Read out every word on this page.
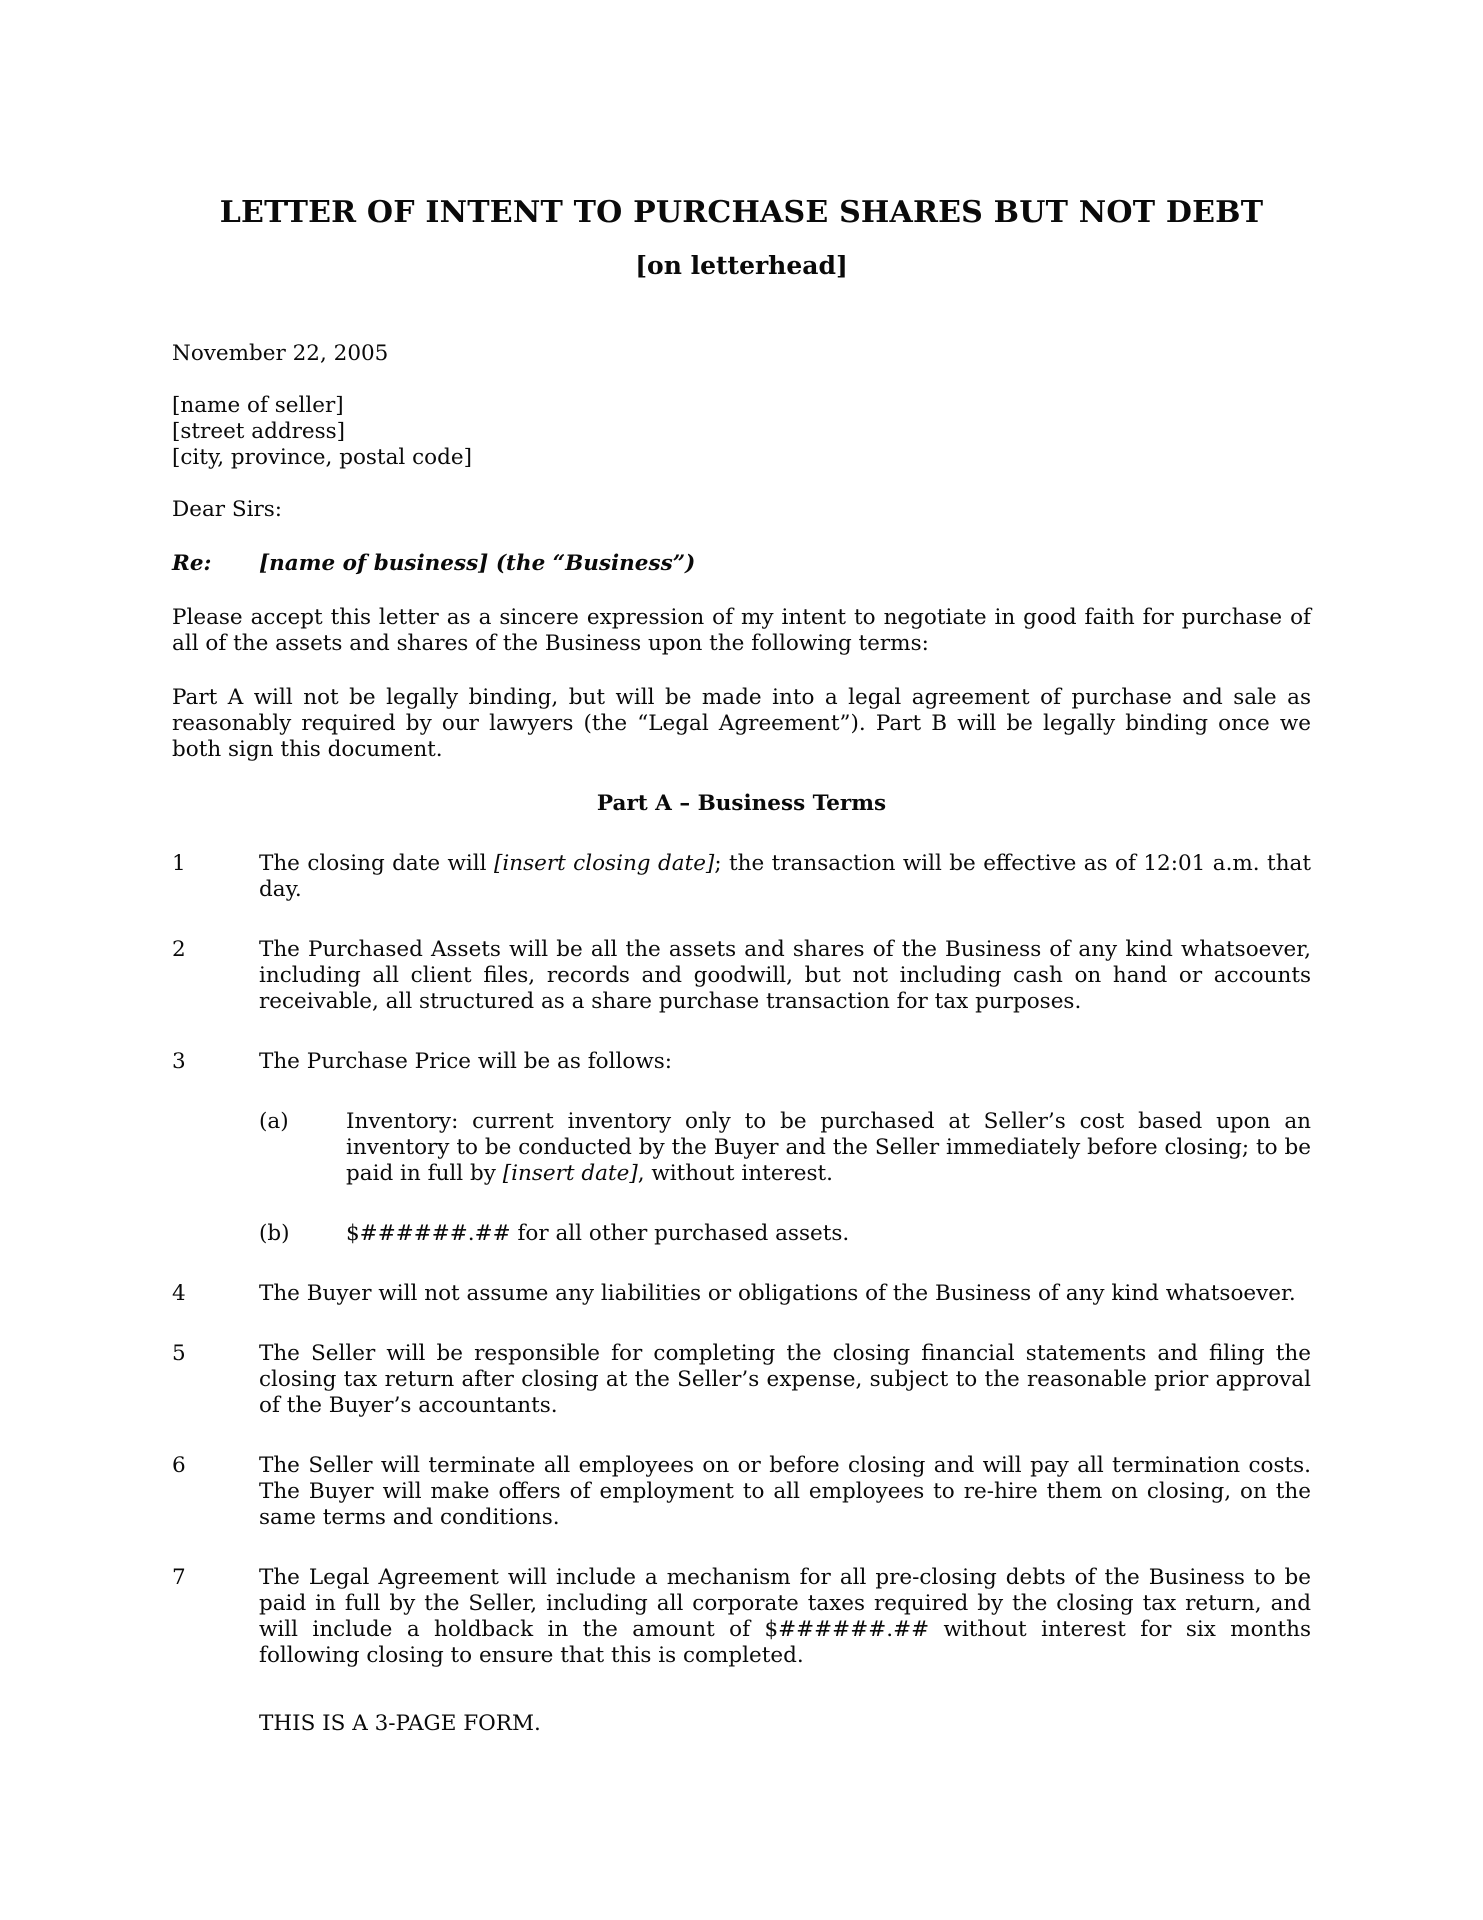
LETTER OF INTENT TO PURCHASE SHARES BUT NOT DEBT
[on letterhead]
November 22, 2005
[name of seller]
[street address]
[city, province, postal code]
Dear Sirs:
Re:	[name of business] (the “Business”)

Please accept this letter as a sincere expression of my intent to negotiate in good faith for purchase of all of the assets and shares of the Business upon the following terms:

Part A will not be legally binding, but will be made into a legal agreement of purchase and sale as reasonably required by our lawyers (the “Legal Agreement”). Part B will be legally binding once we both sign this document.

Part A – Business Terms
1	The closing date will [insert closing date]; the transaction will be effective as of 12:01 a.m. that day.
2	The Purchased Assets will be all the assets and shares of the Business of any kind whatsoever, including all client files, records and goodwill, but not including cash on hand or accounts receivable, all structured as a share purchase transaction for tax purposes.
3	The Purchase Price will be as follows:
(a)	Inventory: current inventory only to be purchased at Seller’s cost based upon an inventory to be conducted by the Buyer and the Seller immediately before closing; to be paid in full by [insert date], without interest.
(b)	$######.## for all other purchased assets.
4	The Buyer will not assume any liabilities or obligations of the Business of any kind whatsoever.
5	The Seller will be responsible for completing the closing financial statements and filing the closing tax return after closing at the Seller’s expense, subject to the reasonable prior approval of the Buyer’s accountants.
6	The Seller will terminate all employees on or before closing and will pay all termination costs. The Buyer will make offers of employment to all employees to re-hire them on closing, on the same terms and conditions.
7	The Legal Agreement will include a mechanism for all pre-closing debts of the Business to be paid in full by the Seller, including all corporate taxes required by the closing tax return, and will include a holdback in the amount of $######.## without interest for six months following closing to ensure that this is completed.
THIS IS A 3-PAGE FORM.
